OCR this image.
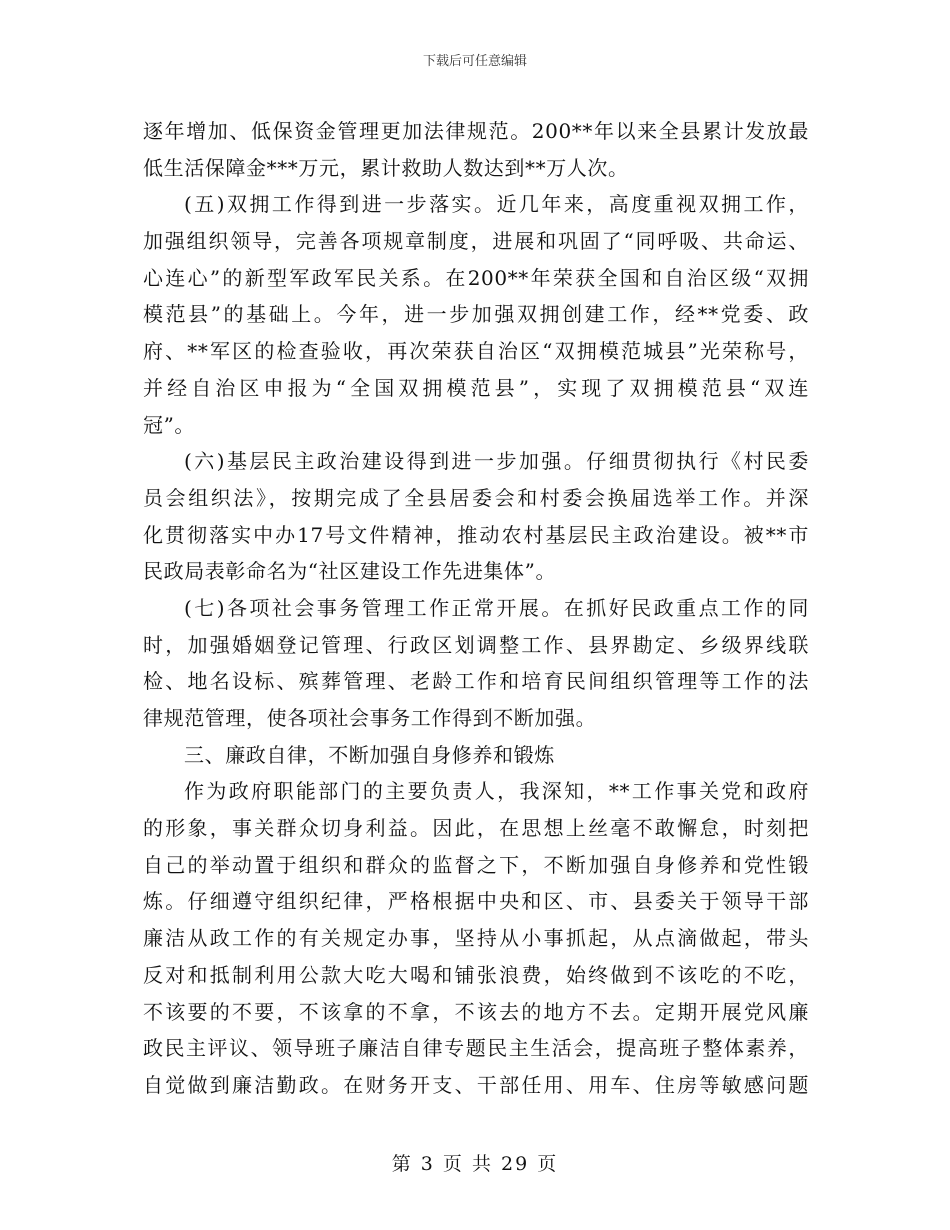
下载后可任意编辑
逐年增加、低保资金管理更加法律规范。200**年以来全县累计发放最
低生活保障金***万元，累计救助人数达到**万人次。
(五)双拥工作得到进一步落实。近几年来，高度重视双拥工作，
加强组织领导，完善各项规章制度，进展和巩固了“同呼吸、共命运、
心连心”的新型军政军民关系。在200**年荣获全国和自治区级“双拥
模范县”的基础上。今年，进一步加强双拥创建工作，经**党委、政
府、**军区的检查验收，再次荣获自治区“双拥模范城县”光荣称号，
并经自治区申报为“全国双拥模范县”，实现了双拥模范县“双连
冠”。
(六)基层民主政治建设得到进一步加强。仔细贯彻执行《村民委
员会组织法》，按期完成了全县居委会和村委会换届选举工作。并深
化贯彻落实中办17号文件精神，推动农村基层民主政治建设。被**市
民政局表彰命名为“社区建设工作先进集体”。
(七)各项社会事务管理工作正常开展。在抓好民政重点工作的同
时，加强婚姻登记管理、行政区划调整工作、县界勘定、乡级界线联
检、地名设标、殡葬管理、老龄工作和培育民间组织管理等工作的法
律规范管理，使各项社会事务工作得到不断加强。
三、廉政自律，不断加强自身修养和锻炼
作为政府职能部门的主要负责人，我深知，**工作事关党和政府
的形象，事关群众切身利益。因此，在思想上丝毫不敢懈怠，时刻把
自己的举动置于组织和群众的监督之下，不断加强自身修养和党性锻
炼。仔细遵守组织纪律，严格根据中央和区、市、县委关于领导干部
廉洁从政工作的有关规定办事，坚持从小事抓起，从点滴做起，带头
反对和抵制利用公款大吃大喝和铺张浪费，始终做到不该吃的不吃，
不该要的不要，不该拿的不拿，不该去的地方不去。定期开展党风廉
政民主评议、领导班子廉洁自律专题民主生活会，提高班子整体素养，
自觉做到廉洁勤政。在财务开支、干部任用、用车、住房等敏感问题
第 3 页 共 29 页
